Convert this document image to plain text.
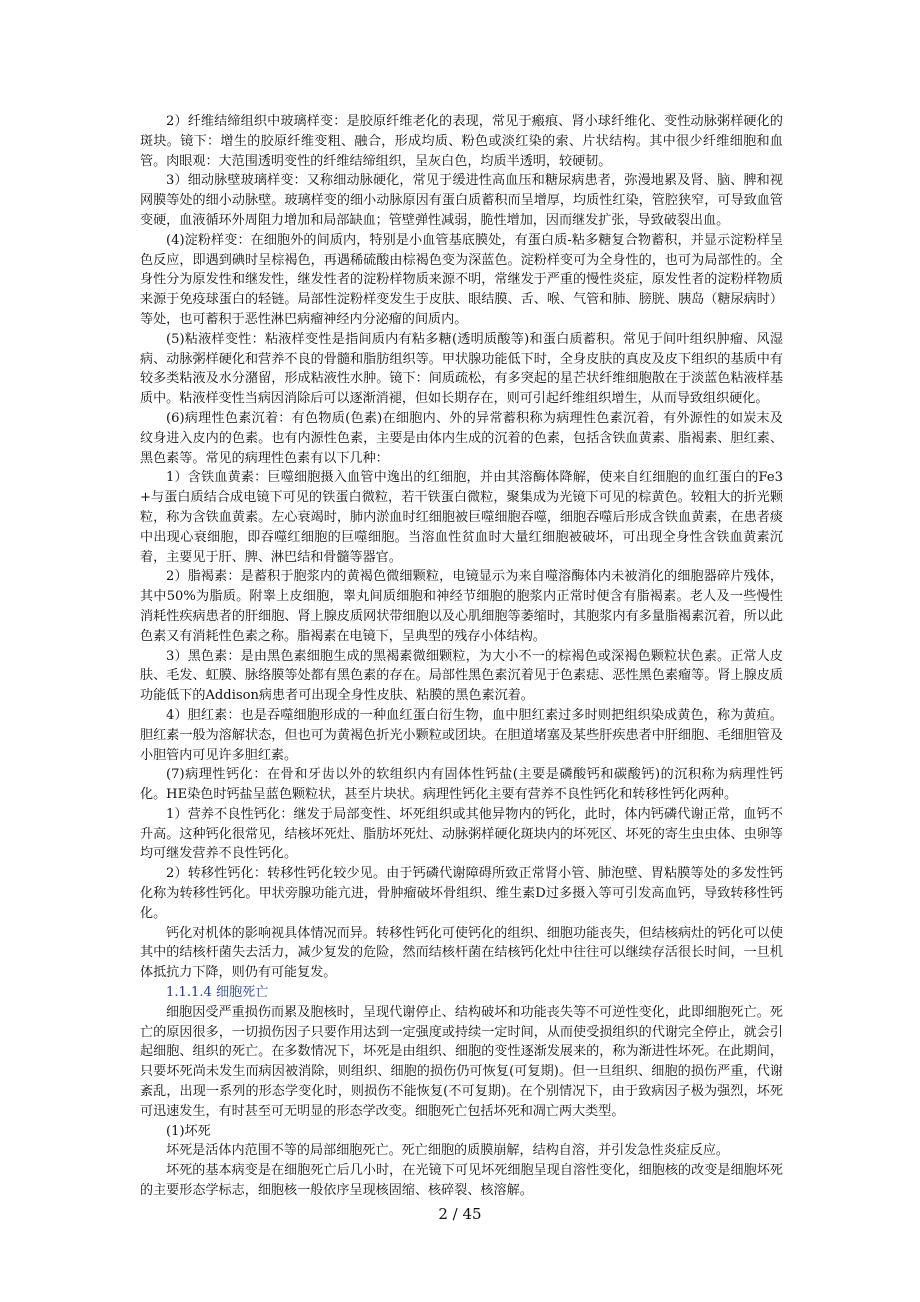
2）纤维结缔组织中玻璃样变：是胶原纤维老化的表现，常见于瘢痕、肾小球纤维化、变性动脉粥样硬化的斑块。镜下：增生的胶原纤维变粗、融合，形成均质、粉色或淡红染的索、片状结构。其中很少纤维细胞和血管。肉眼观：大范围透明变性的纤维结缔组织，呈灰白色，均质半透明，较硬韧。

3）细动脉壁玻璃样变：又称细动脉硬化，常见于缓进性高血压和糖尿病患者，弥漫地累及肾、脑、脾和视网膜等处的细小动脉壁。玻璃样变的细小动脉原因有蛋白质蓄积而呈增厚，均质性红染，管腔狭窄，可导致血管变硬，血液循环外周阻力增加和局部缺血；管壁弹性减弱，脆性增加，因而继发扩张，导致破裂出血。

(4)淀粉样变：在细胞外的间质内，特别是小血管基底膜处，有蛋白质-粘多糖复合物蓄积，并显示淀粉样呈色反应，即遇到碘时呈棕褐色，再遇稀硫酸由棕褐色变为深蓝色。淀粉样变可为全身性的，也可为局部性的。全身性分为原发性和继发性，继发性者的淀粉样物质来源不明，常继发于严重的慢性炎症，原发性者的淀粉样物质来源于免疫球蛋白的轻链。局部性淀粉样变发生于皮肤、眼结膜、舌、喉、气管和肺、膀胱、胰岛（糖尿病时）等处，也可蓄积于恶性淋巴病瘤神经内分泌瘤的间质内。

(5)粘液样变性：粘液样变性是指间质内有粘多糖(透明质酸等)和蛋白质蓄积。常见于间叶组织肿瘤、风湿病、动脉粥样硬化和营养不良的骨髓和脂肪组织等。甲状腺功能低下时，全身皮肤的真皮及皮下组织的基质中有较多类粘液及水分潴留，形成粘液性水肿。镜下：间质疏松，有多突起的星芒状纤维细胞散在于淡蓝色粘液样基质中。粘液样变性当病因消除后可以逐渐消褪，但如长期存在，则可引起纤维组织增生，从而导致组织硬化。

(6)病理性色素沉着：有色物质(色素)在细胞内、外的异常蓄积称为病理性色素沉着，有外源性的如炭末及纹身进入皮内的色素。也有内源性色素，主要是由体内生成的沉着的色素，包括含铁血黄素、脂褐素、胆红素、黑色素等。常见的病理性色素有以下几种：

1）含铁血黄素：巨噬细胞摄入血管中逸出的红细胞，并由其溶酶体降解，使来自红细胞的血红蛋白的Fe3+与蛋白质结合成电镜下可见的铁蛋白微粒，若干铁蛋白微粒，聚集成为光镜下可见的棕黄色。较粗大的折光颗粒，称为含铁血黄素。左心衰竭时，肺内淤血时红细胞被巨噬细胞吞噬，细胞吞噬后形成含铁血黄素，在患者痰中出现心衰细胞，即吞噬红细胞的巨噬细胞。当溶血性贫血时大量红细胞被破坏，可出现全身性含铁血黄素沉着，主要见于肝、脾、淋巴结和骨髓等器官。

2）脂褐素：是蓄积于胞浆内的黄褐色微细颗粒，电镜显示为来自噬溶酶体内未被消化的细胞器碎片残体，其中50%为脂质。附睾上皮细胞，睾丸间质细胞和神经节细胞的胞浆内正常时便含有脂褐素。老人及一些慢性消耗性疾病患者的肝细胞、肾上腺皮质网状带细胞以及心肌细胞等萎缩时，其胞浆内有多量脂褐素沉着，所以此色素又有消耗性色素之称。脂褐素在电镜下，呈典型的残存小体结构。

3）黑色素：是由黑色素细胞生成的黑褐素微细颗粒，为大小不一的棕褐色或深褐色颗粒状色素。正常人皮肤、毛发、虹膜、脉络膜等处都有黑色素的存在。局部性黑色素沉着见于色素痣、恶性黑色素瘤等。肾上腺皮质功能低下的Addison病患者可出现全身性皮肤、粘膜的黑色素沉着。

4）胆红素：也是吞噬细胞形成的一种血红蛋白衍生物，血中胆红素过多时则把组织染成黄色，称为黄疸。胆红素一般为溶解状态，但也可为黄褐色折光小颗粒或团块。在胆道堵塞及某些肝疾患者中肝细胞、毛细胆管及小胆管内可见许多胆红素。

(7)病理性钙化：在骨和牙齿以外的软组织内有固体性钙盐(主要是磷酸钙和碳酸钙)的沉积称为病理性钙化。HE染色时钙盐呈蓝色颗粒状，甚至片块状。病理性钙化主要有营养不良性钙化和转移性钙化两种。

1）营养不良性钙化：继发于局部变性、坏死组织或其他异物内的钙化，此时，体内钙磷代谢正常，血钙不升高。这种钙化很常见，结核坏死灶、脂肪坏死灶、动脉粥样硬化斑块内的坏死区、坏死的寄生虫虫体、虫卵等均可继发营养不良性钙化。

2）转移性钙化：转移性钙化较少见。由于钙磷代谢障碍所致正常肾小管、肺泡壁、胃粘膜等处的多发性钙化称为转移性钙化。甲状旁腺功能亢进，骨肿瘤破坏骨组织、维生素D过多摄入等可引发高血钙，导致转移性钙化。

钙化对机体的影响视具体情况而异。转移性钙化可使钙化的组织、细胞功能丧失，但结核病灶的钙化可以使其中的结核杆菌失去活力，减少复发的危险，然而结核杆菌在结核钙化灶中往往可以继续存活很长时间，一旦机体抵抗力下降，则仍有可能复发。

1.1.1.4 细胞死亡

细胞因受严重损伤而累及胞核时，呈现代谢停止、结构破坏和功能丧失等不可逆性变化，此即细胞死亡。死亡的原因很多，一切损伤因子只要作用达到一定强度或持续一定时间，从而使受损组织的代谢完全停止，就会引起细胞、组织的死亡。在多数情况下，坏死是由组织、细胞的变性逐渐发展来的，称为渐进性坏死。在此期间，只要坏死尚未发生而病因被消除，则组织、细胞的损伤仍可恢复(可复期)。但一旦组织、细胞的损伤严重，代谢紊乱，出现一系列的形态学变化时，则损伤不能恢复(不可复期)。在个别情况下，由于致病因子极为强烈，坏死可迅速发生，有时甚至可无明显的形态学改变。细胞死亡包括坏死和凋亡两大类型。

(1)坏死

坏死是活体内范围不等的局部细胞死亡。死亡细胞的质膜崩解，结构自溶，并引发急性炎症反应。

坏死的基本病变是在细胞死亡后几小时，在光镜下可见坏死细胞呈现自溶性变化，细胞核的改变是细胞坏死的主要形态学标志，细胞核一般依序呈现核固缩、核碎裂、核溶解。

2 / 45
